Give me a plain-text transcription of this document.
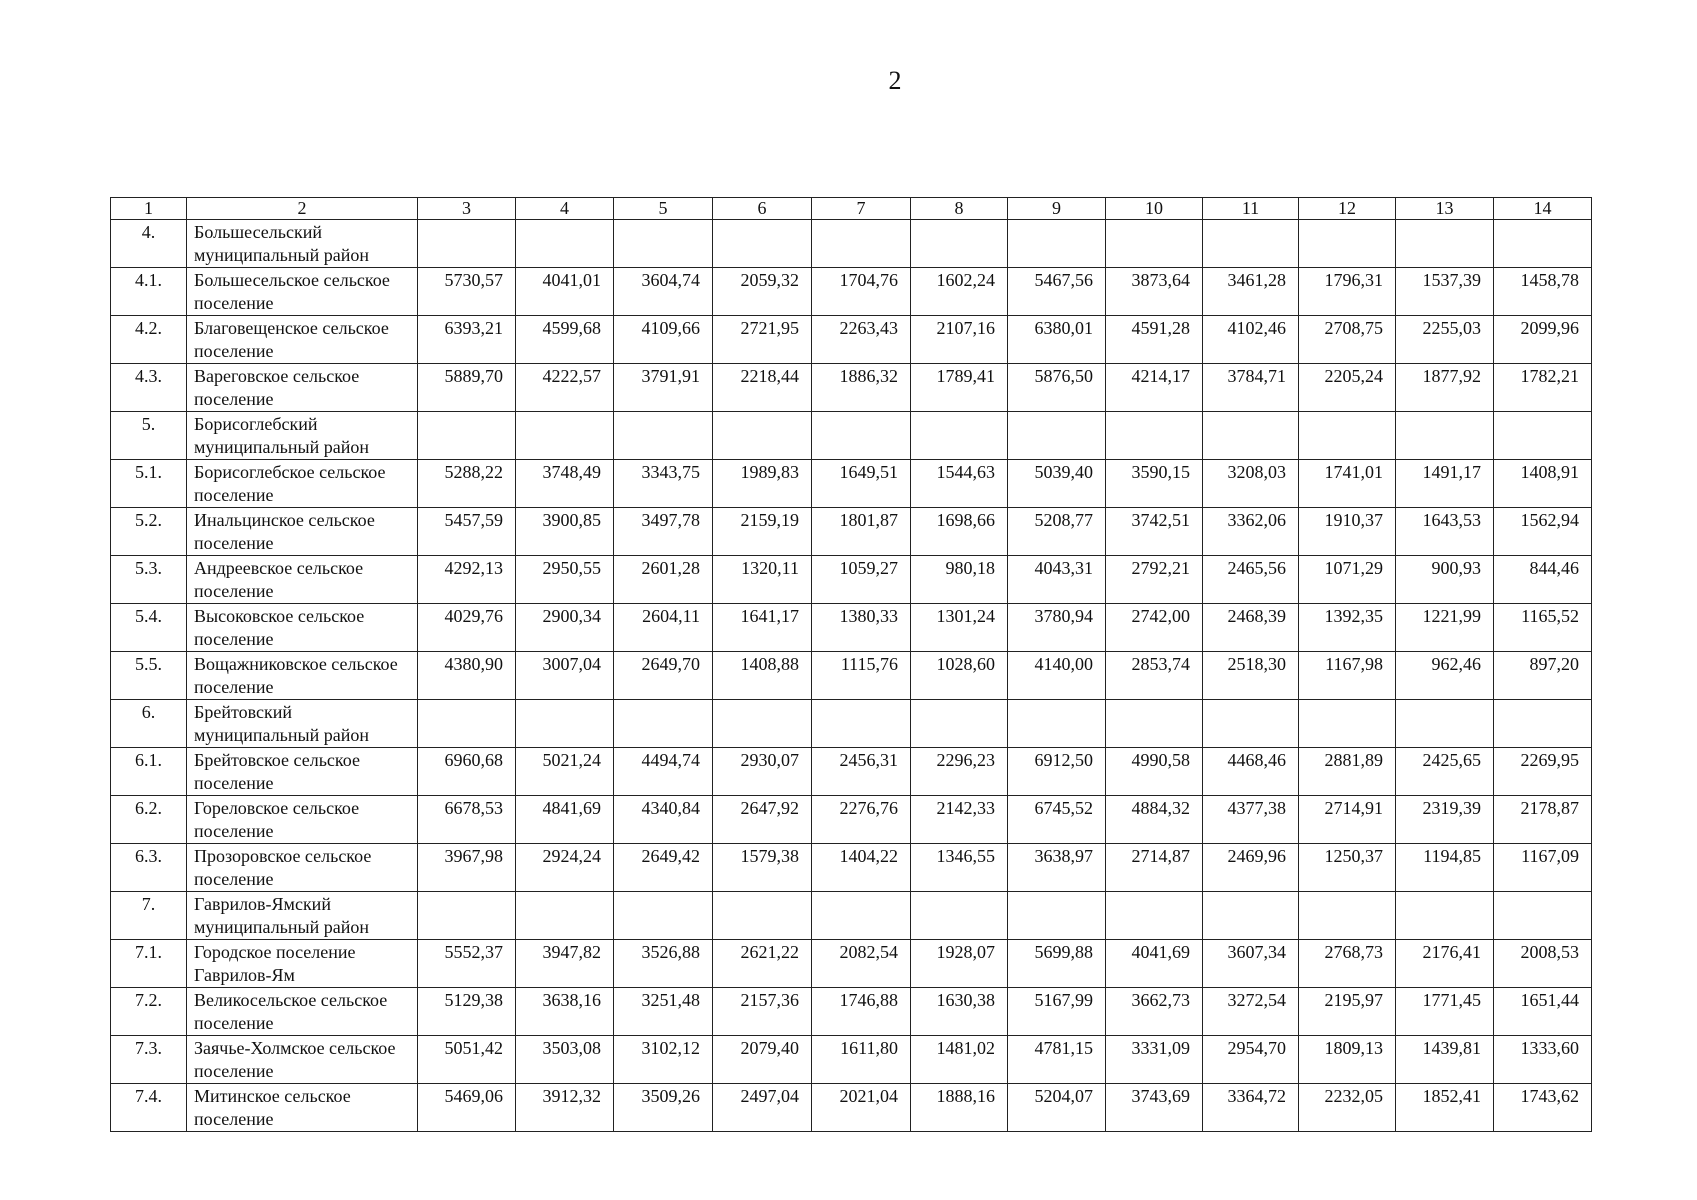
2
1	2	3	4	5	6	7	8	9	10	11	12	13	14
4.	Большесельский муниципальный район												
4.1.	Большесельское сельское поселение	5730,57	4041,01	3604,74	2059,32	1704,76	1602,24	5467,56	3873,64	3461,28	1796,31	1537,39	1458,78
4.2.	Благовещенское сельское поселение	6393,21	4599,68	4109,66	2721,95	2263,43	2107,16	6380,01	4591,28	4102,46	2708,75	2255,03	2099,96
4.3.	Вареговское сельское поселение	5889,70	4222,57	3791,91	2218,44	1886,32	1789,41	5876,50	4214,17	3784,71	2205,24	1877,92	1782,21
5.	Борисоглебский муниципальный район												
5.1.	Борисоглебское сельское поселение	5288,22	3748,49	3343,75	1989,83	1649,51	1544,63	5039,40	3590,15	3208,03	1741,01	1491,17	1408,91
5.2.	Инальцинское сельское поселение	5457,59	3900,85	3497,78	2159,19	1801,87	1698,66	5208,77	3742,51	3362,06	1910,37	1643,53	1562,94
5.3.	Андреевское сельское поселение	4292,13	2950,55	2601,28	1320,11	1059,27	980,18	4043,31	2792,21	2465,56	1071,29	900,93	844,46
5.4.	Высоковское сельское поселение	4029,76	2900,34	2604,11	1641,17	1380,33	1301,24	3780,94	2742,00	2468,39	1392,35	1221,99	1165,52
5.5.	Вощажниковское сельское поселение	4380,90	3007,04	2649,70	1408,88	1115,76	1028,60	4140,00	2853,74	2518,30	1167,98	962,46	897,20
6.	Брейтовский муниципальный район												
6.1.	Брейтовское сельское поселение	6960,68	5021,24	4494,74	2930,07	2456,31	2296,23	6912,50	4990,58	4468,46	2881,89	2425,65	2269,95
6.2.	Гореловское сельское поселение	6678,53	4841,69	4340,84	2647,92	2276,76	2142,33	6745,52	4884,32	4377,38	2714,91	2319,39	2178,87
6.3.	Прозоровское сельское поселение	3967,98	2924,24	2649,42	1579,38	1404,22	1346,55	3638,97	2714,87	2469,96	1250,37	1194,85	1167,09
7.	Гаврилов-Ямский муниципальный район												
7.1.	Городское поселение Гаврилов-Ям	5552,37	3947,82	3526,88	2621,22	2082,54	1928,07	5699,88	4041,69	3607,34	2768,73	2176,41	2008,53
7.2.	Великосельское сельское поселение	5129,38	3638,16	3251,48	2157,36	1746,88	1630,38	5167,99	3662,73	3272,54	2195,97	1771,45	1651,44
7.3.	Заячье-Холмское сельское поселение	5051,42	3503,08	3102,12	2079,40	1611,80	1481,02	4781,15	3331,09	2954,70	1809,13	1439,81	1333,60
7.4.	Митинское сельское поселение	5469,06	3912,32	3509,26	2497,04	2021,04	1888,16	5204,07	3743,69	3364,72	2232,05	1852,41	1743,62
